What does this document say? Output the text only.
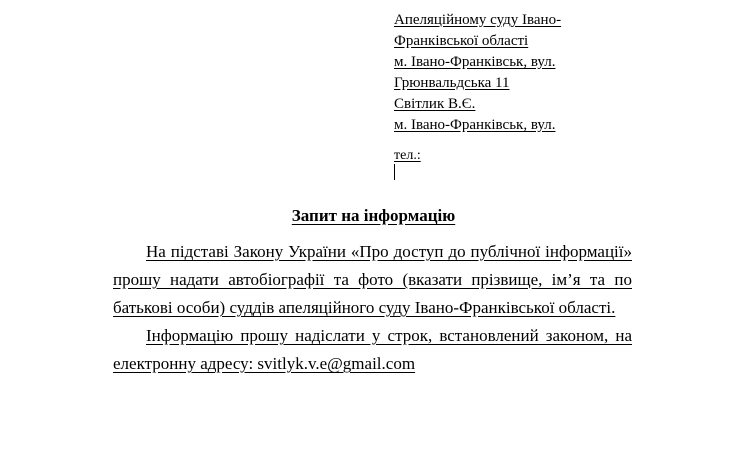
Апеляційному суду Івано-
Франківської області
м. Івано-Франківськ, вул.
Грюнвальдська 11
Світлик В.Є.
м. Івано-Франківськ, вул.
тел.:
Запит на інформацію

На підставі Закону України «Про доступ до публічної інформації» прошу надати автобіографії та фото (вказати прізвище, ім’я та по батькові особи) суддів апеляційного суду Івано-Франківської області.

Інформацію прошу надіслати у строк, встановлений законом, на електронну адресу: svitlyk.v.e@gmail.com
